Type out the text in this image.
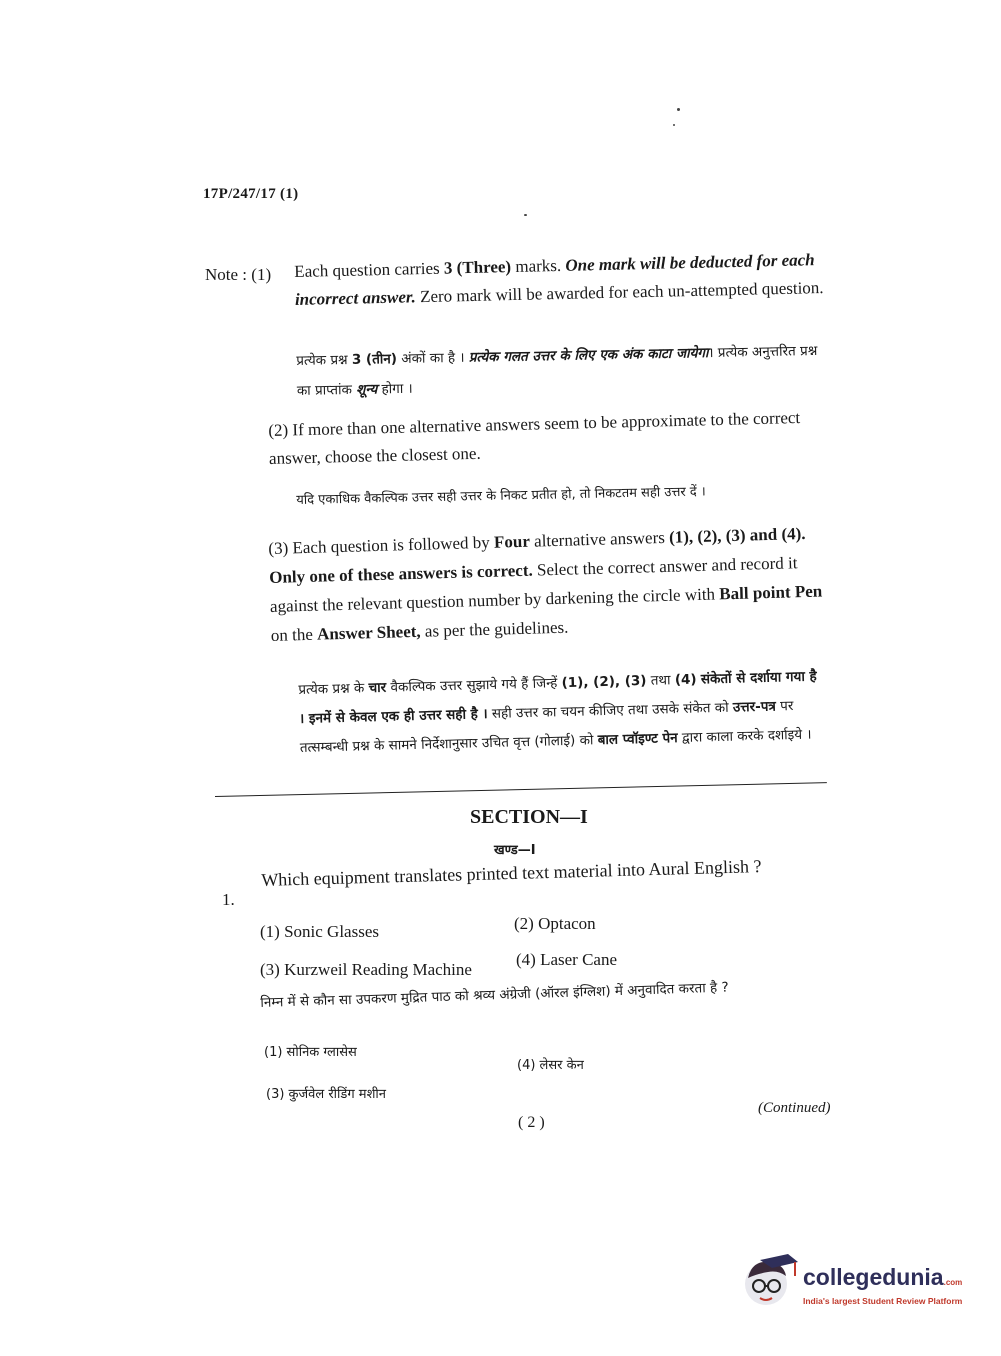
17P/247/17 (1)
Note : (1) Each question carries 3 (Three) marks. One mark will be deducted for each incorrect answer. Zero mark will be awarded for each un-attempted question.
प्रत्येक प्रश्न 3 (तीन) अंकों का है । प्रत्येक गलत उत्तर के लिए एक अंक काटा जायेगा। प्रत्येक अनुत्तरित प्रश्न का प्राप्तांक शून्य होगा ।
(2) If more than one alternative answers seem to be approximate to the correct answer, choose the closest one.
यदि एकाधिक वैकल्पिक उत्तर सही उत्तर के निकट प्रतीत हो, तो निकटतम सही उत्तर दें ।
(3) Each question is followed by Four alternative answers (1), (2), (3) and (4). Only one of these answers is correct. Select the correct answer and record it against the relevant question number by darkening the circle with Ball point Pen on the Answer Sheet, as per the guidelines.
प्रत्येक प्रश्न के चार वैकल्पिक उत्तर सुझाये गये हैं जिन्हें (1), (2), (3) तथा (4) संकेतों से दर्शाया गया है । इनमें से केवल एक ही उत्तर सही है । सही उत्तर का चयन कीजिए तथा उसके संकेत को उत्तर-पत्र पर तत्सम्बन्धी प्रश्न के सामने निर्देशानुसार उचित वृत्त (गोलाई) को बाल प्वॉइण्ट पेन द्वारा काला करके दर्शाइये ।
SECTION—I
खण्ड—I
1.
Which equipment translates printed text material into Aural English ?
(1) Sonic Glasses	(2) Optacon
(3) Kurzweil Reading Machine
(4) Laser Cane
निम्न में से कौन सा उपकरण मुद्रित पाठ को श्रव्य अंग्रेजी (ऑरल इंग्लिश) में अनुवादित करता है ?
(1) सोनिक ग्लासेस
(4) लेसर केन
(3) कुर्जवेल रीडिंग मशीन
(Continued)
( 2 )
collegedunia.com
India's largest Student Review Platform
